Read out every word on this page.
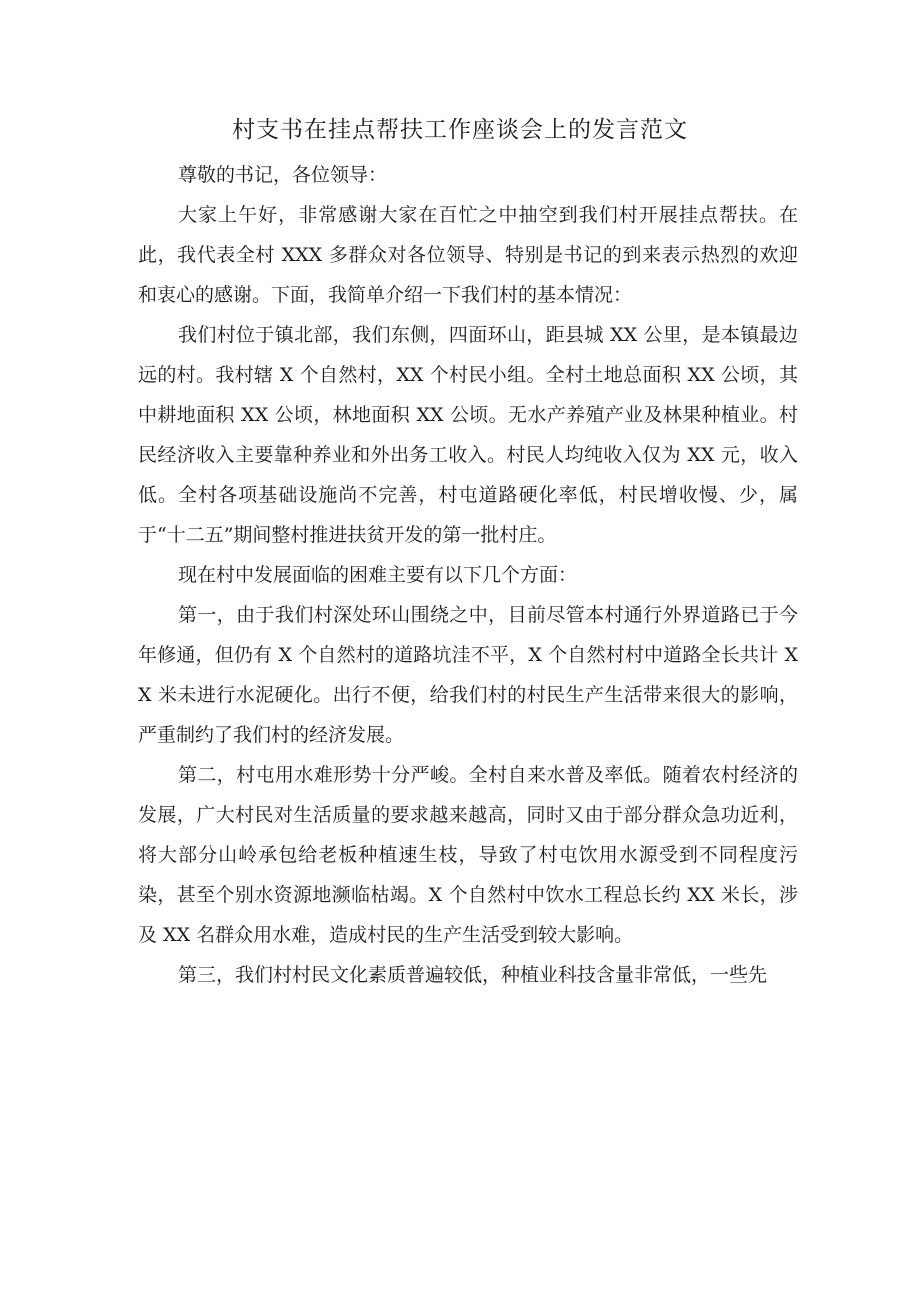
村支书在挂点帮扶工作座谈会上的发言范文

尊敬的书记，各位领导：

大家上午好，非常感谢大家在百忙之中抽空到我们村开展挂点帮扶。在此，我代表全村 XXX 多群众对各位领导、特别是书记的到来表示热烈的欢迎和衷心的感谢。下面，我简单介绍一下我们村的基本情况：

我们村位于镇北部，我们东侧，四面环山，距县城 XX 公里，是本镇最边远的村。我村辖 X 个自然村，XX 个村民小组。全村土地总面积 XX 公顷，其中耕地面积 XX 公顷，林地面积 XX 公顷。无水产养殖产业及林果种植业。村民经济收入主要靠种养业和外出务工收入。村民人均纯收入仅为 XX 元，收入低。全村各项基础设施尚不完善，村屯道路硬化率低，村民增收慢、少，属于“十二五”期间整村推进扶贫开发的第一批村庄。

现在村中发展面临的困难主要有以下几个方面：

第一，由于我们村深处环山围绕之中，目前尽管本村通行外界道路已于今年修通，但仍有 X 个自然村的道路坑洼不平，X 个自然村村中道路全长共计 XX 米未进行水泥硬化。出行不便，给我们村的村民生产生活带来很大的影响，严重制约了我们村的经济发展。

第二，村屯用水难形势十分严峻。全村自来水普及率低。随着农村经济的发展，广大村民对生活质量的要求越来越高，同时又由于部分群众急功近利，将大部分山岭承包给老板种植速生枝，导致了村屯饮用水源受到不同程度污染，甚至个别水资源地濒临枯竭。X 个自然村中饮水工程总长约 XX 米长，涉及 XX 名群众用水难，造成村民的生产生活受到较大影响。

第三，我们村村民文化素质普遍较低，种植业科技含量非常低，一些先
